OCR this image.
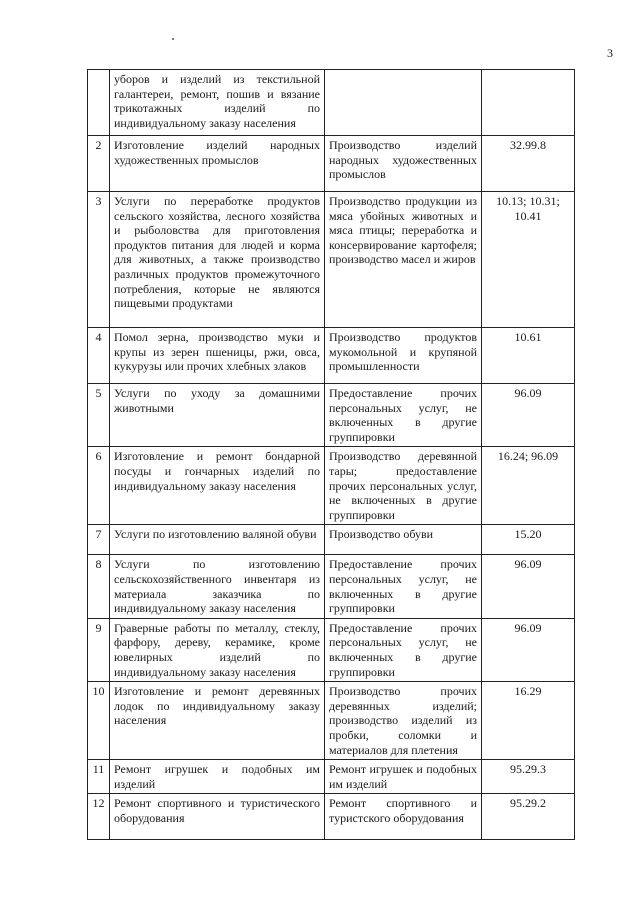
3
	уборов и изделий из текстильной галантереи, ремонт, пошив и вязание трикотажных изделий по индивидуальному заказу населения		
2	Изготовление изделий народных художественных промыслов	Производство изделий народных художественных промыслов	32.99.8
3	Услуги по переработке продуктов сельского хозяйства, лесного хозяйства и рыболовства для приготовления продуктов питания для людей и корма для животных, а также производство различных продуктов промежуточного потребления, которые не являются пищевыми продуктами	Производство продукции из мяса убойных животных и мяса птицы; переработка и консервирование картофеля; производство масел и жиров	10.13; 10.31; 10.41
4	Помол зерна, производство муки и крупы из зерен пшеницы, ржи, овса, кукурузы или прочих хлебных злаков	Производство продуктов мукомольной и крупяной промышленности	10.61
5	Услуги по уходу за домашними животными	Предоставление прочих персональных услуг, не включенных в другие группировки	96.09
6	Изготовление и ремонт бондарной посуды и гончарных изделий по индивидуальному заказу населения	Производство деревянной тары; предоставление прочих персональных услуг, не включенных в другие группировки	16.24; 96.09
7	Услуги по изготовлению валяной обуви	Производство обуви	15.20
8	Услуги по изготовлению сельскохозяйственного инвентаря из материала заказчика по индивидуальному заказу населения	Предоставление прочих персональных услуг, не включенных в другие группировки	96.09
9	Граверные работы по металлу, стеклу, фарфору, дереву, керамике, кроме ювелирных изделий по индивидуальному заказу населения	Предоставление прочих персональных услуг, не включенных в другие группировки	96.09
10	Изготовление и ремонт деревянных лодок по индивидуальному заказу населения	Производство прочих деревянных изделий; производство изделий из пробки, соломки и материалов для плетения	16.29
11	Ремонт игрушек и подобных им изделий	Ремонт игрушек и подобных им изделий	95.29.3
12	Ремонт спортивного и туристического оборудования	Ремонт спортивного и туристского оборудования	95.29.2
